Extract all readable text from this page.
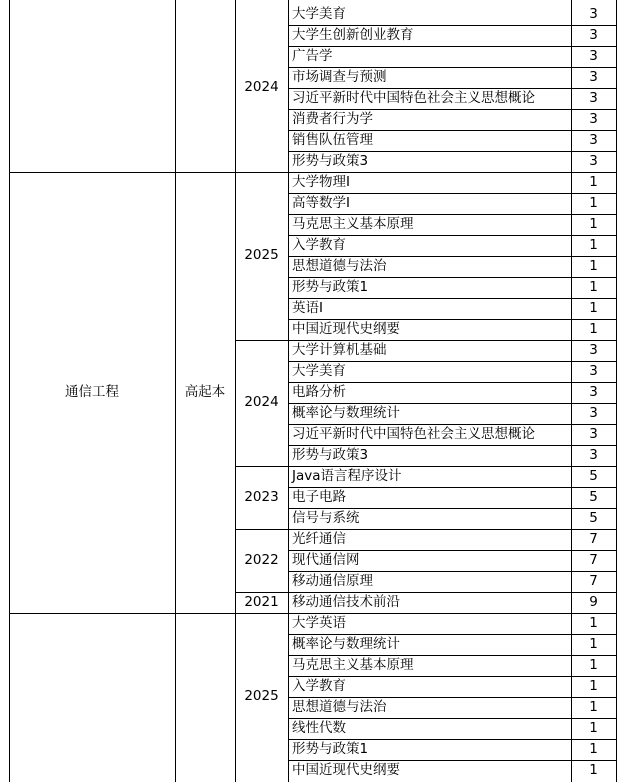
2024
大学美育	3
大学生创新创业教育	3
广告学	3
市场调查与预测	3
习近平新时代中国特色社会主义思想概论	3
消费者行为学	3
销售队伍管理	3
形势与政策3	3
通信工程	高起本
2025
大学物理I	1
高等数学I	1
马克思主义基本原理	1
入学教育	1
思想道德与法治	1
形势与政策1	1
英语I	1
中国近现代史纲要	1
2024
大学计算机基础	3
大学美育	3
电路分析	3
概率论与数理统计	3
习近平新时代中国特色社会主义思想概论	3
形势与政策3	3
2023
Java语言程序设计	5
电子电路	5
信号与系统	5
2022
光纤通信	7
现代通信网	7
移动通信原理	7
2021 移动通信技术前沿	9
2025
大学英语	1
概率论与数理统计	1
马克思主义基本原理	1
入学教育	1
思想道德与法治	1
线性代数	1
形势与政策1	1
中国近现代史纲要	1
